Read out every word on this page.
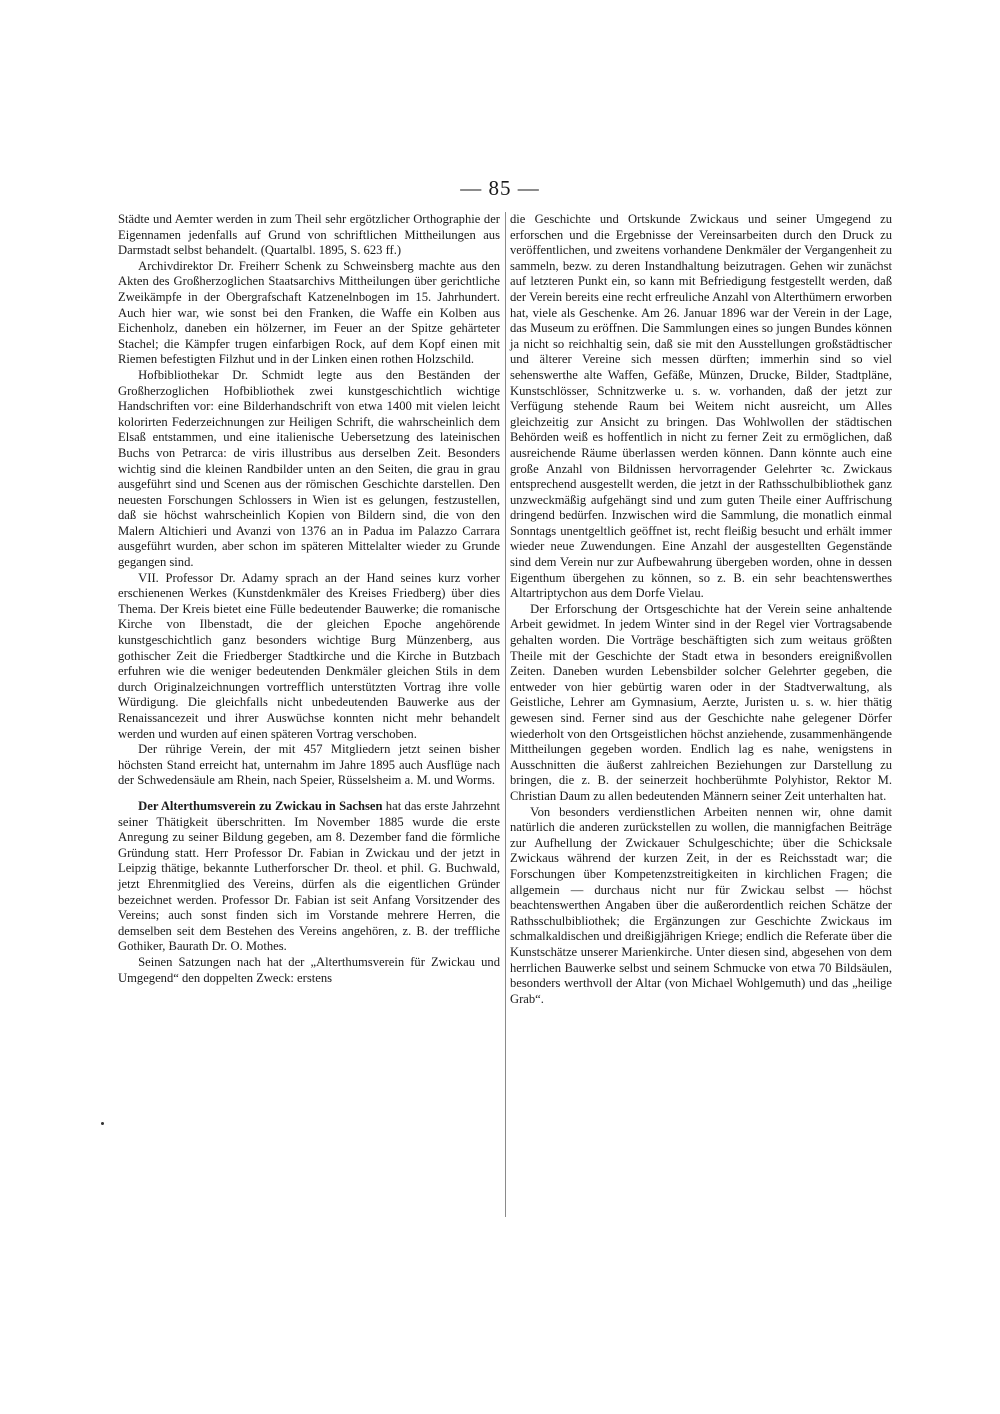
— 85 —

Städte und Aemter werden in zum Theil sehr ergötzlicher Orthographie der Eigennamen jedenfalls auf Grund von schriftlichen Mittheilungen aus Darmstadt selbst behandelt. (Quartalbl. 1895, S. 623 ff.)

Archivdirektor Dr. Freiherr Schenk zu Schweinsberg machte aus den Akten des Großherzoglichen Staatsarchivs Mittheilungen über gerichtliche Zweikämpfe in der Obergrafschaft Katzenelnbogen im 15. Jahrhundert. Auch hier war, wie sonst bei den Franken, die Waffe ein Kolben aus Eichenholz, daneben ein hölzerner, im Feuer an der Spitze gehärteter Stachel; die Kämpfer trugen einfarbigen Rock, auf dem Kopf einen mit Riemen befestigten Filzhut und in der Linken einen rothen Holzschild.

Hofbibliothekar Dr. Schmidt legte aus den Beständen der Großherzoglichen Hofbibliothek zwei kunstgeschichtlich wichtige Handschriften vor: eine Bilderhandschrift von etwa 1400 mit vielen leicht kolorirten Federzeichnungen zur Heiligen Schrift, die wahrscheinlich dem Elsaß entstammen, und eine italienische Uebersetzung des lateinischen Buchs von Petrarca: de viris illustribus aus derselben Zeit. Besonders wichtig sind die kleinen Randbilder unten an den Seiten, die grau in grau ausgeführt sind und Scenen aus der römischen Geschichte darstellen. Den neuesten Forschungen Schlossers in Wien ist es gelungen, festzustellen, daß sie höchst wahrscheinlich Kopien von Bildern sind, die von den Malern Altichieri und Avanzi von 1376 an in Padua im Palazzo Carrara ausgeführt wurden, aber schon im späteren Mittelalter wieder zu Grunde gegangen sind.

VII. Professor Dr. Adamy sprach an der Hand seines kurz vorher erschienenen Werkes (Kunstdenkmäler des Kreises Friedberg) über dies Thema. Der Kreis bietet eine Fülle bedeutender Bauwerke; die romanische Kirche von Ilbenstadt, die der gleichen Epoche angehörende kunstgeschichtlich ganz besonders wichtige Burg Münzenberg, aus gothischer Zeit die Friedberger Stadtkirche und die Kirche in Butzbach erfuhren wie die weniger bedeutenden Denkmäler gleichen Stils in dem durch Originalzeichnungen vortrefflich unterstützten Vortrag ihre volle Würdigung. Die gleichfalls nicht unbedeutenden Bauwerke aus der Renaissancezeit und ihrer Auswüchse konnten nicht mehr behandelt werden und wurden auf einen späteren Vortrag verschoben.

Der rührige Verein, der mit 457 Mitgliedern jetzt seinen bisher höchsten Stand erreicht hat, unternahm im Jahre 1895 auch Ausflüge nach der Schwedensäule am Rhein, nach Speier, Rüsselsheim a. M. und Worms.

Der Alterthumsverein zu Zwickau in Sachsen hat das erste Jahrzehnt seiner Thätigkeit überschritten. Im November 1885 wurde die erste Anregung zu seiner Bildung gegeben, am 8. Dezember fand die förmliche Gründung statt. Herr Professor Dr. Fabian in Zwickau und der jetzt in Leipzig thätige, bekannte Lutherforscher Dr. theol. et phil. G. Buchwald, jetzt Ehrenmitglied des Vereins, dürfen als die eigentlichen Gründer bezeichnet werden. Professor Dr. Fabian ist seit Anfang Vorsitzender des Vereins; auch sonst finden sich im Vorstande mehrere Herren, die demselben seit dem Bestehen des Vereins angehören, z. B. der treffliche Gothiker, Baurath Dr. O. Mothes.

Seinen Satzungen nach hat der „Alterthumsverein für Zwickau und Umgegend“ den doppelten Zweck: erstens

die Geschichte und Ortskunde Zwickaus und seiner Umgegend zu erforschen und die Ergebnisse der Vereinsarbeiten durch den Druck zu veröffentlichen, und zweitens vorhandene Denkmäler der Vergangenheit zu sammeln, bezw. zu deren Instandhaltung beizutragen. Gehen wir zunächst auf letzteren Punkt ein, so kann mit Befriedigung festgestellt werden, daß der Verein bereits eine recht erfreuliche Anzahl von Alterthümern erworben hat, viele als Geschenke. Am 26. Januar 1896 war der Verein in der Lage, das Museum zu eröffnen. Die Sammlungen eines so jungen Bundes können ja nicht so reichhaltig sein, daß sie mit den Ausstellungen großstädtischer und älterer Vereine sich messen dürften; immerhin sind so viel sehenswerthe alte Waffen, Gefäße, Münzen, Drucke, Bilder, Stadtpläne, Kunstschlösser, Schnitzwerke u. s. w. vorhanden, daß der jetzt zur Verfügung stehende Raum bei Weitem nicht ausreicht, um Alles gleichzeitig zur Ansicht zu bringen. Das Wohlwollen der städtischen Behörden weiß es hoffentlich in nicht zu ferner Zeit zu ermöglichen, daß ausreichende Räume überlassen werden können. Dann könnte auch eine große Anzahl von Bildnissen hervorragender Gelehrter ꝛc. Zwickaus entsprechend ausgestellt werden, die jetzt in der Rathsschulbibliothek ganz unzweckmäßig aufgehängt sind und zum guten Theile einer Auffrischung dringend bedürfen. Inzwischen wird die Sammlung, die monatlich einmal Sonntags unentgeltlich geöffnet ist, recht fleißig besucht und erhält immer wieder neue Zuwendungen. Eine Anzahl der ausgestellten Gegenstände sind dem Verein nur zur Aufbewahrung übergeben worden, ohne in dessen Eigenthum übergehen zu können, so z. B. ein sehr beachtenswerthes Altartriptychon aus dem Dorfe Vielau.

Der Erforschung der Ortsgeschichte hat der Verein seine anhaltende Arbeit gewidmet. In jedem Winter sind in der Regel vier Vortragsabende gehalten worden. Die Vorträge beschäftigten sich zum weitaus größten Theile mit der Geschichte der Stadt etwa in besonders ereignißvollen Zeiten. Daneben wurden Lebensbilder solcher Gelehrter gegeben, die entweder von hier gebürtig waren oder in der Stadtverwaltung, als Geistliche, Lehrer am Gymnasium, Aerzte, Juristen u. s. w. hier thätig gewesen sind. Ferner sind aus der Geschichte nahe gelegener Dörfer wiederholt von den Ortsgeistlichen höchst anziehende, zusammenhängende Mittheilungen gegeben worden. Endlich lag es nahe, wenigstens in Ausschnitten die äußerst zahlreichen Beziehungen zur Darstellung zu bringen, die z. B. der seinerzeit hochberühmte Polyhistor, Rektor M. Christian Daum zu allen bedeutenden Männern seiner Zeit unterhalten hat.

Von besonders verdienstlichen Arbeiten nennen wir, ohne damit natürlich die anderen zurückstellen zu wollen, die mannigfachen Beiträge zur Aufhellung der Zwickauer Schulgeschichte; über die Schicksale Zwickaus während der kurzen Zeit, in der es Reichsstadt war; die Forschungen über Kompetenzstreitigkeiten in kirchlichen Fragen; die allgemein — durchaus nicht nur für Zwickau selbst — höchst beachtenswerthen Angaben über die außerordentlich reichen Schätze der Rathsschulbibliothek; die Ergänzungen zur Geschichte Zwickaus im schmalkaldischen und dreißigjährigen Kriege; endlich die Referate über die Kunstschätze unserer Marienkirche. Unter diesen sind, abgesehen von dem herrlichen Bauwerke selbst und seinem Schmucke von etwa 70 Bildsäulen, besonders werthvoll der Altar (von Michael Wohlgemuth) und das „heilige Grab“.
